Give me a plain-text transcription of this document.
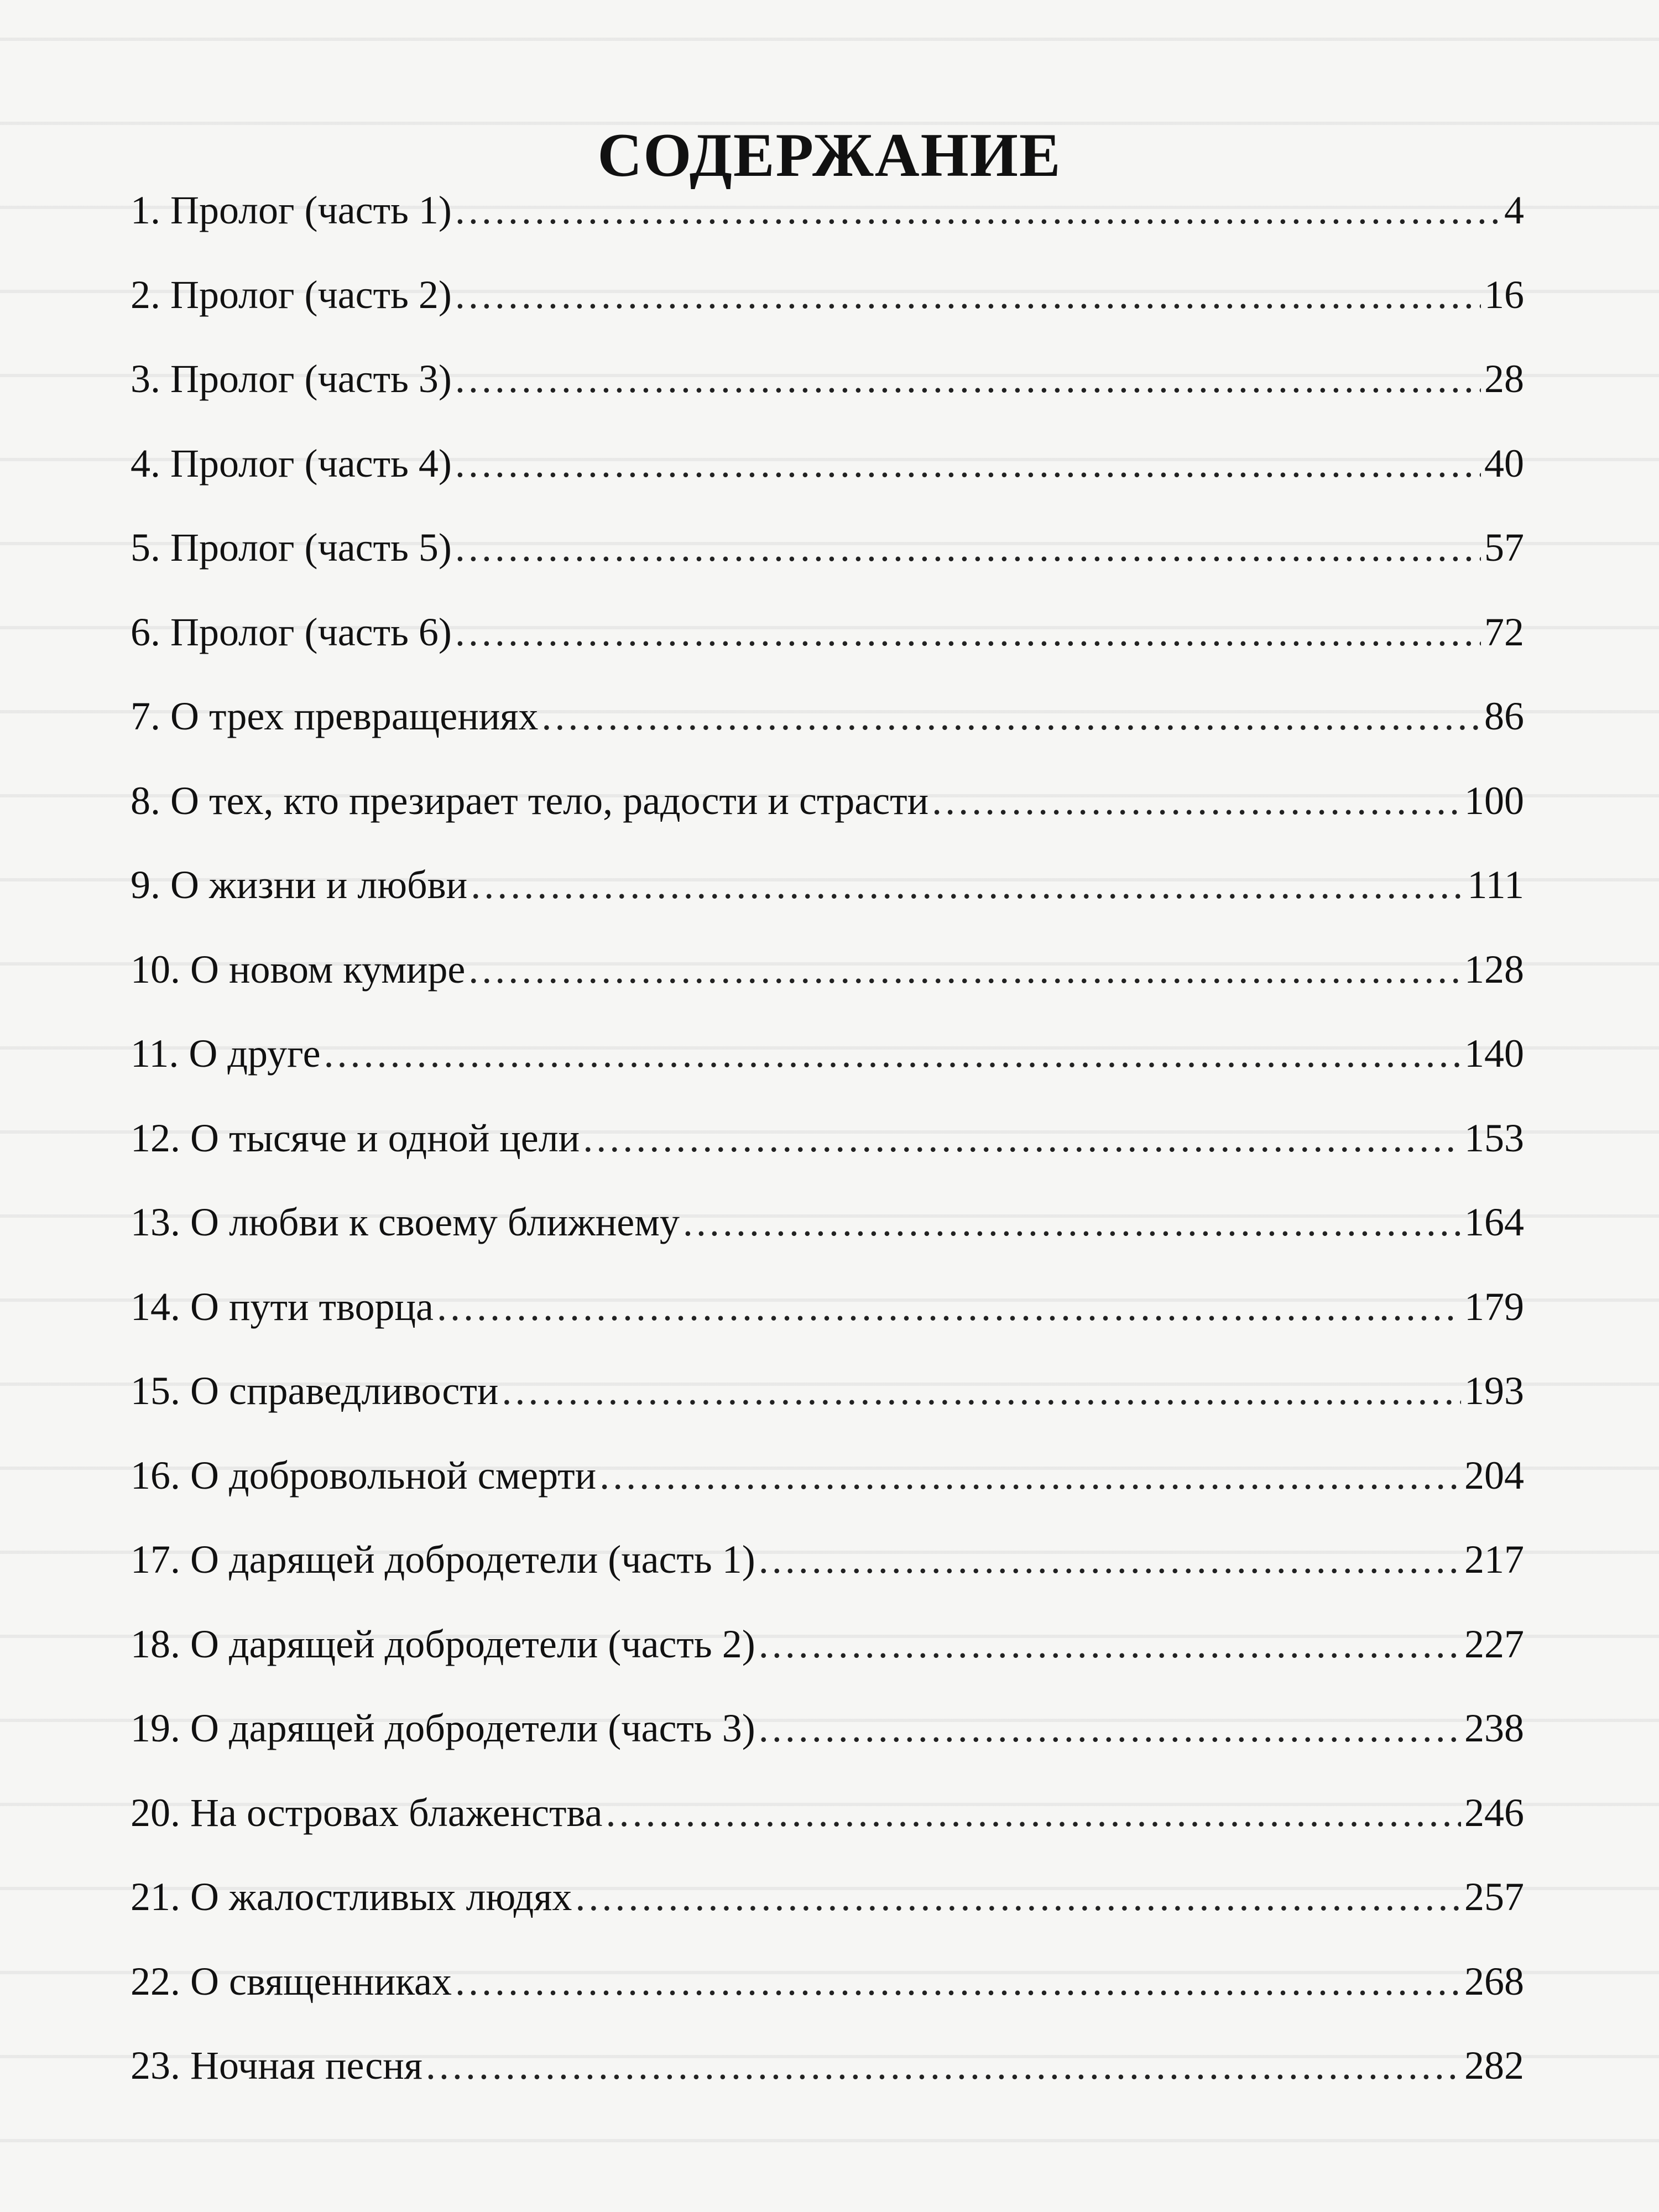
СОДЕРЖАНИЕ
1. Пролог (часть 1) .....	4
2. Пролог (часть 2) .....	16
3. Пролог (часть 3) .....	28
4. Пролог (часть 4) .....	40
5. Пролог (часть 5) .....	57
6. Пролог (часть 6) .....	72
7. О трех превращениях .....	86
8. О тех, кто презирает тело, радости и страсти .....	100
9. О жизни и любви .....	111
10. О новом кумире .....	128
11. О друге .....	140
12. О тысяче и одной цели .....	153
13. О любви к своему ближнему .....	164
14. О пути творца .....	179
15. О справедливости .....	193
16. О добровольной смерти .....	204
17. О дарящей добродетели (часть 1) .....	217
18. О дарящей добродетели (часть 2) .....	227
19. О дарящей добродетели (часть 3) .....	238
20. На островах блаженства .....	246
21. О жалостливых людях .....	257
22. О священниках .....	268
23. Ночная песня .....	282
